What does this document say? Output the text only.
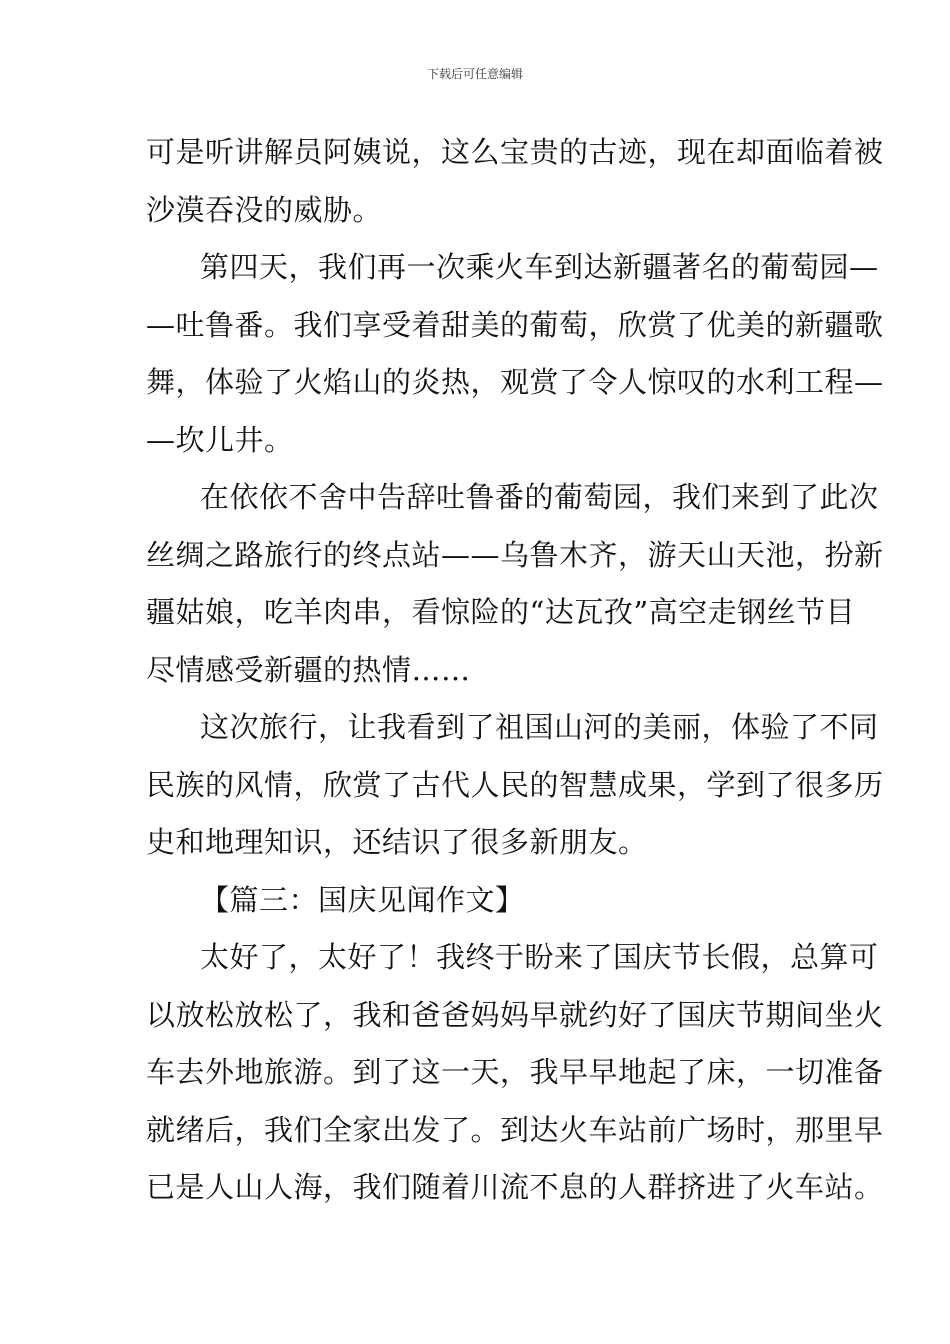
下载后可任意编辑
可是听讲解员阿姨说，这么宝贵的古迹，现在却面临着被
沙漠吞没的威胁。
第四天，我们再一次乘火车到达新疆著名的葡萄园—
—吐鲁番。我们享受着甜美的葡萄，欣赏了优美的新疆歌
舞，体验了火焰山的炎热，观赏了令人惊叹的水利工程—
—坎儿井。
在依依不舍中告辞吐鲁番的葡萄园，我们来到了此次
丝绸之路旅行的终点站——乌鲁木齐，游天山天池，扮新
疆姑娘，吃羊肉串，看惊险的“达瓦孜”高空走钢丝节目
尽情感受新疆的热情……
这次旅行，让我看到了祖国山河的美丽，体验了不同
民族的风情，欣赏了古代人民的智慧成果，学到了很多历
史和地理知识，还结识了很多新朋友。
【篇三：国庆见闻作文】
太好了，太好了！我终于盼来了国庆节长假，总算可
以放松放松了，我和爸爸妈妈早就约好了国庆节期间坐火
车去外地旅游。到了这一天，我早早地起了床，一切准备
就绪后，我们全家出发了。到达火车站前广场时，那里早
已是人山人海，我们随着川流不息的人群挤进了火车站。
